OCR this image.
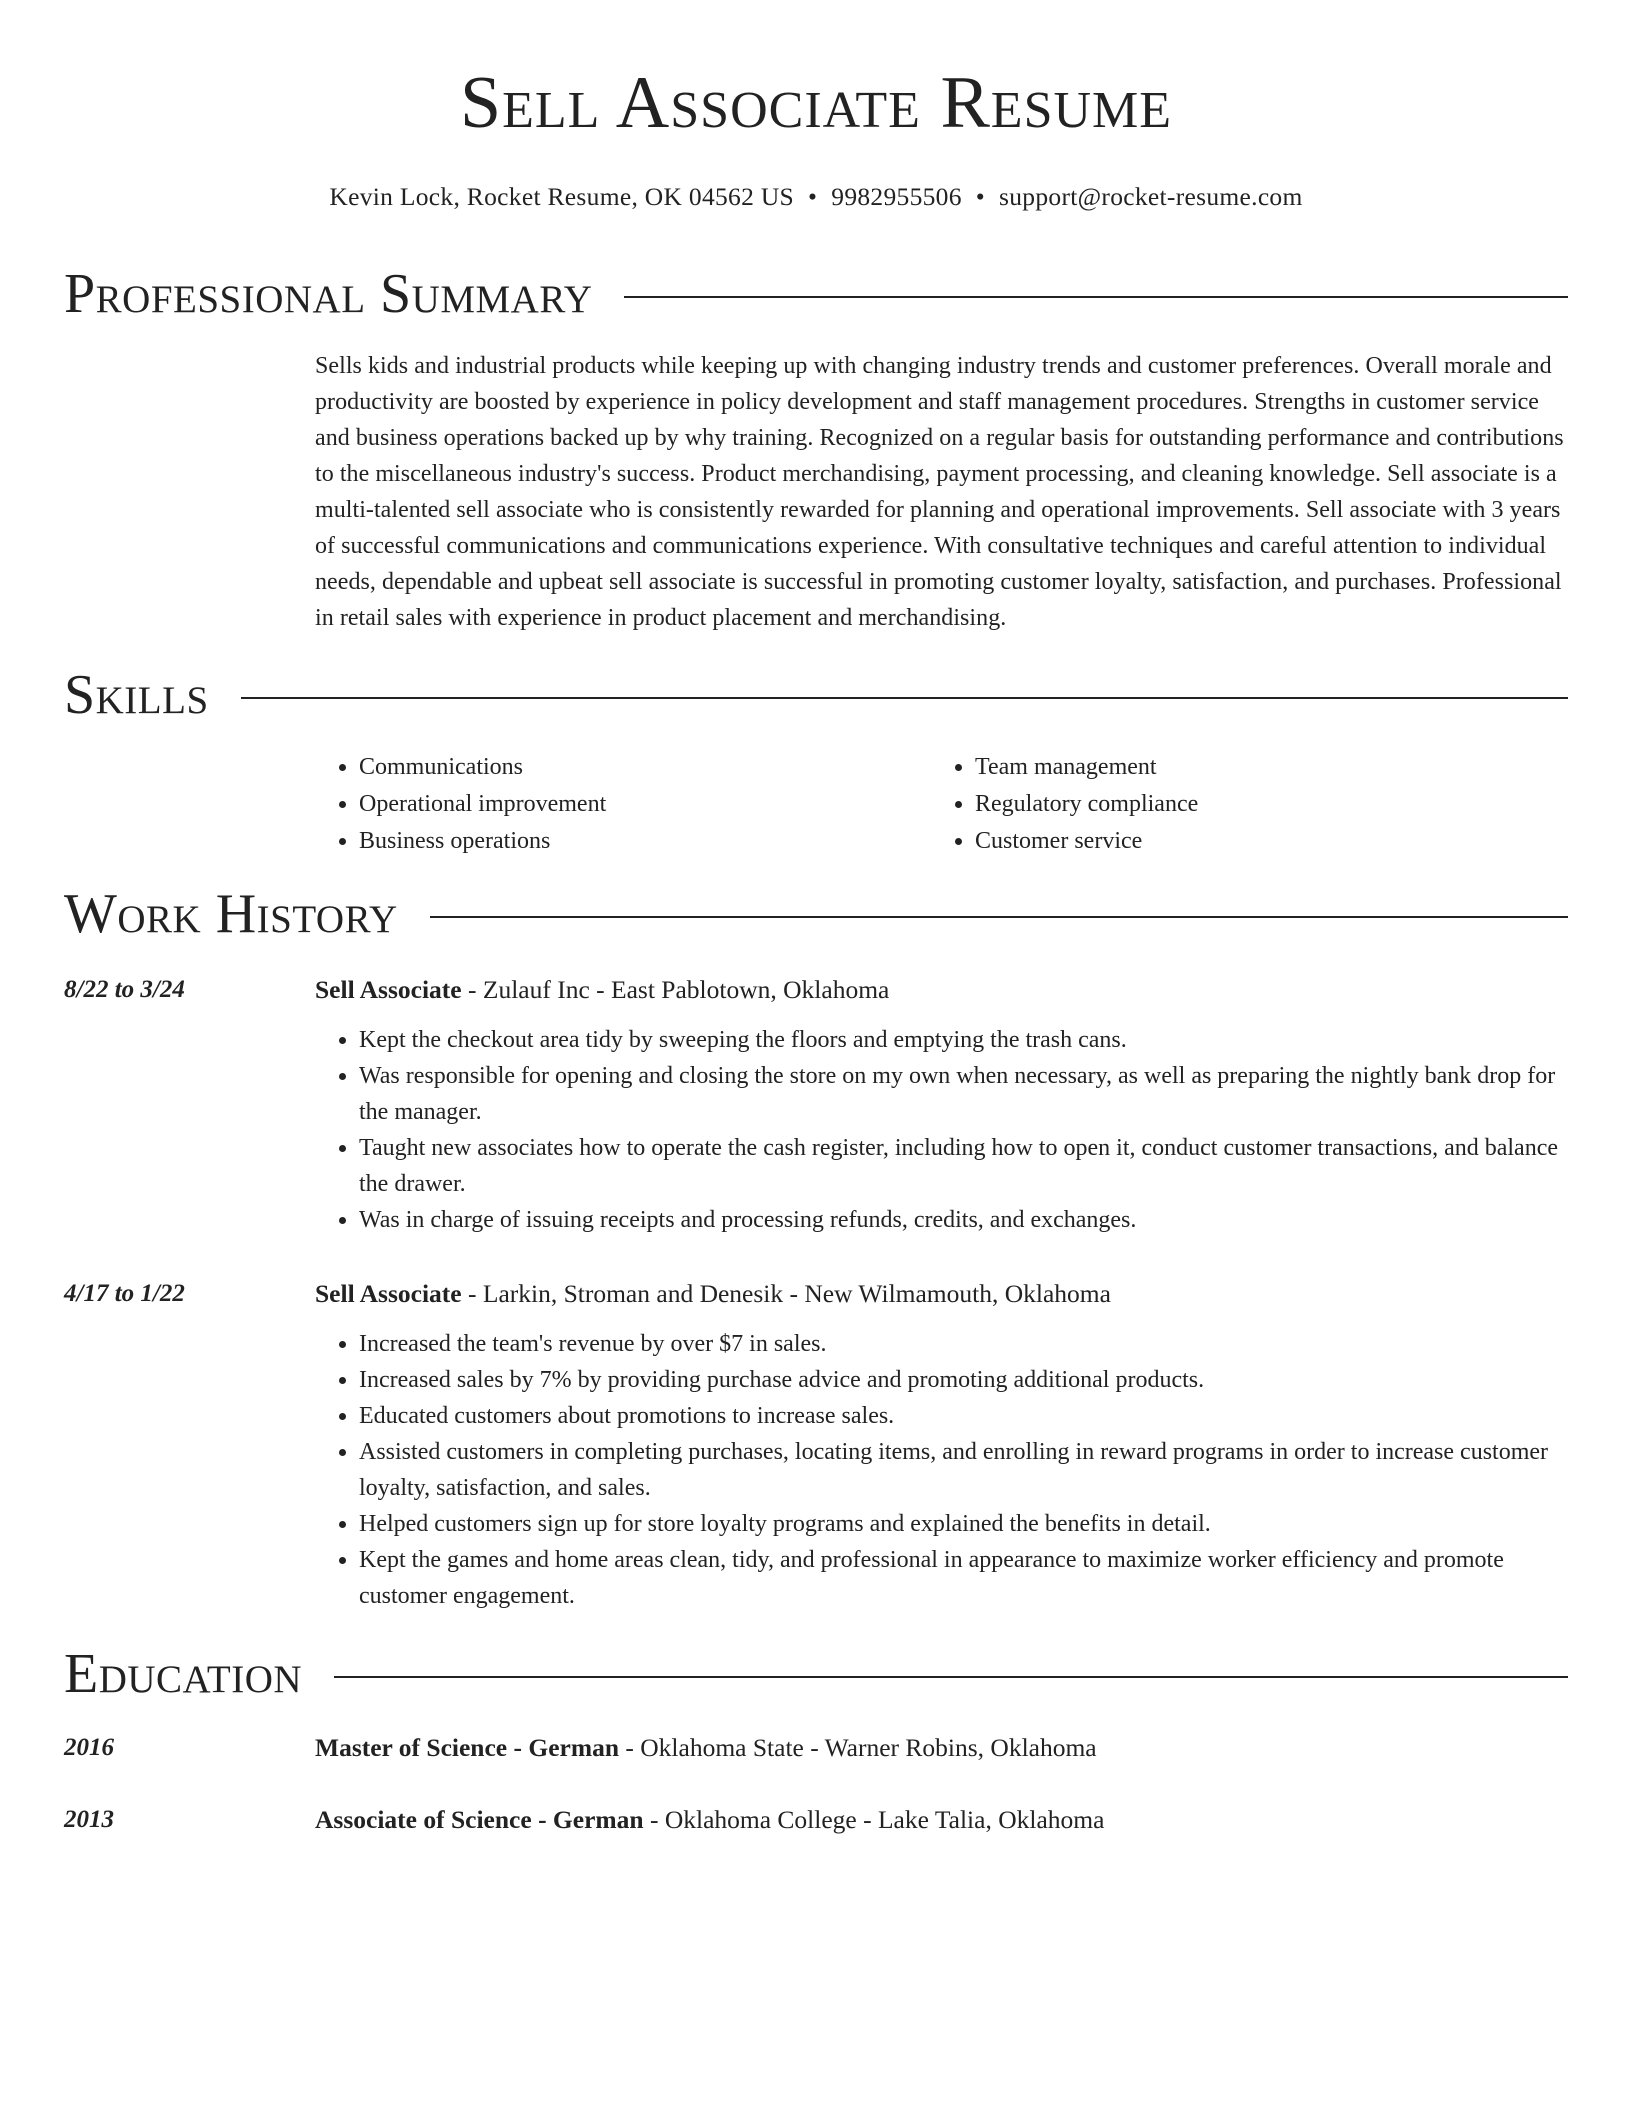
Sell Associate Resume
Kevin Lock, Rocket Resume, OK 04562 US • 9982955506 • support@rocket-resume.com
Professional Summary
Sells kids and industrial products while keeping up with changing industry trends and customer preferences. Overall morale and productivity are boosted by experience in policy development and staff management procedures. Strengths in customer service and business operations backed up by why training. Recognized on a regular basis for outstanding performance and contributions to the miscellaneous industry's success. Product merchandising, payment processing, and cleaning knowledge. Sell associate is a multi-talented sell associate who is consistently rewarded for planning and operational improvements. Sell associate with 3 years of successful communications and communications experience. With consultative techniques and careful attention to individual needs, dependable and upbeat sell associate is successful in promoting customer loyalty, satisfaction, and purchases. Professional in retail sales with experience in product placement and merchandising.
Skills
• Communications
• Operational improvement
• Business operations
• Team management
• Regulatory compliance
• Customer service
Work History
8/22 to 3/24	Sell Associate - Zulauf Inc - East Pablotown, Oklahoma
• Kept the checkout area tidy by sweeping the floors and emptying the trash cans.
• Was responsible for opening and closing the store on my own when necessary, as well as preparing the nightly bank drop for the manager.
• Taught new associates how to operate the cash register, including how to open it, conduct customer transactions, and balance the drawer.
• Was in charge of issuing receipts and processing refunds, credits, and exchanges.
4/17 to 1/22	Sell Associate - Larkin, Stroman and Denesik - New Wilmamouth, Oklahoma
• Increased the team's revenue by over $7 in sales.
• Increased sales by 7% by providing purchase advice and promoting additional products.
• Educated customers about promotions to increase sales.
• Assisted customers in completing purchases, locating items, and enrolling in reward programs in order to increase customer loyalty, satisfaction, and sales.
• Helped customers sign up for store loyalty programs and explained the benefits in detail.
• Kept the games and home areas clean, tidy, and professional in appearance to maximize worker efficiency and promote customer engagement.
Education
2016	Master of Science - German - Oklahoma State - Warner Robins, Oklahoma
2013	Associate of Science - German - Oklahoma College - Lake Talia, Oklahoma
